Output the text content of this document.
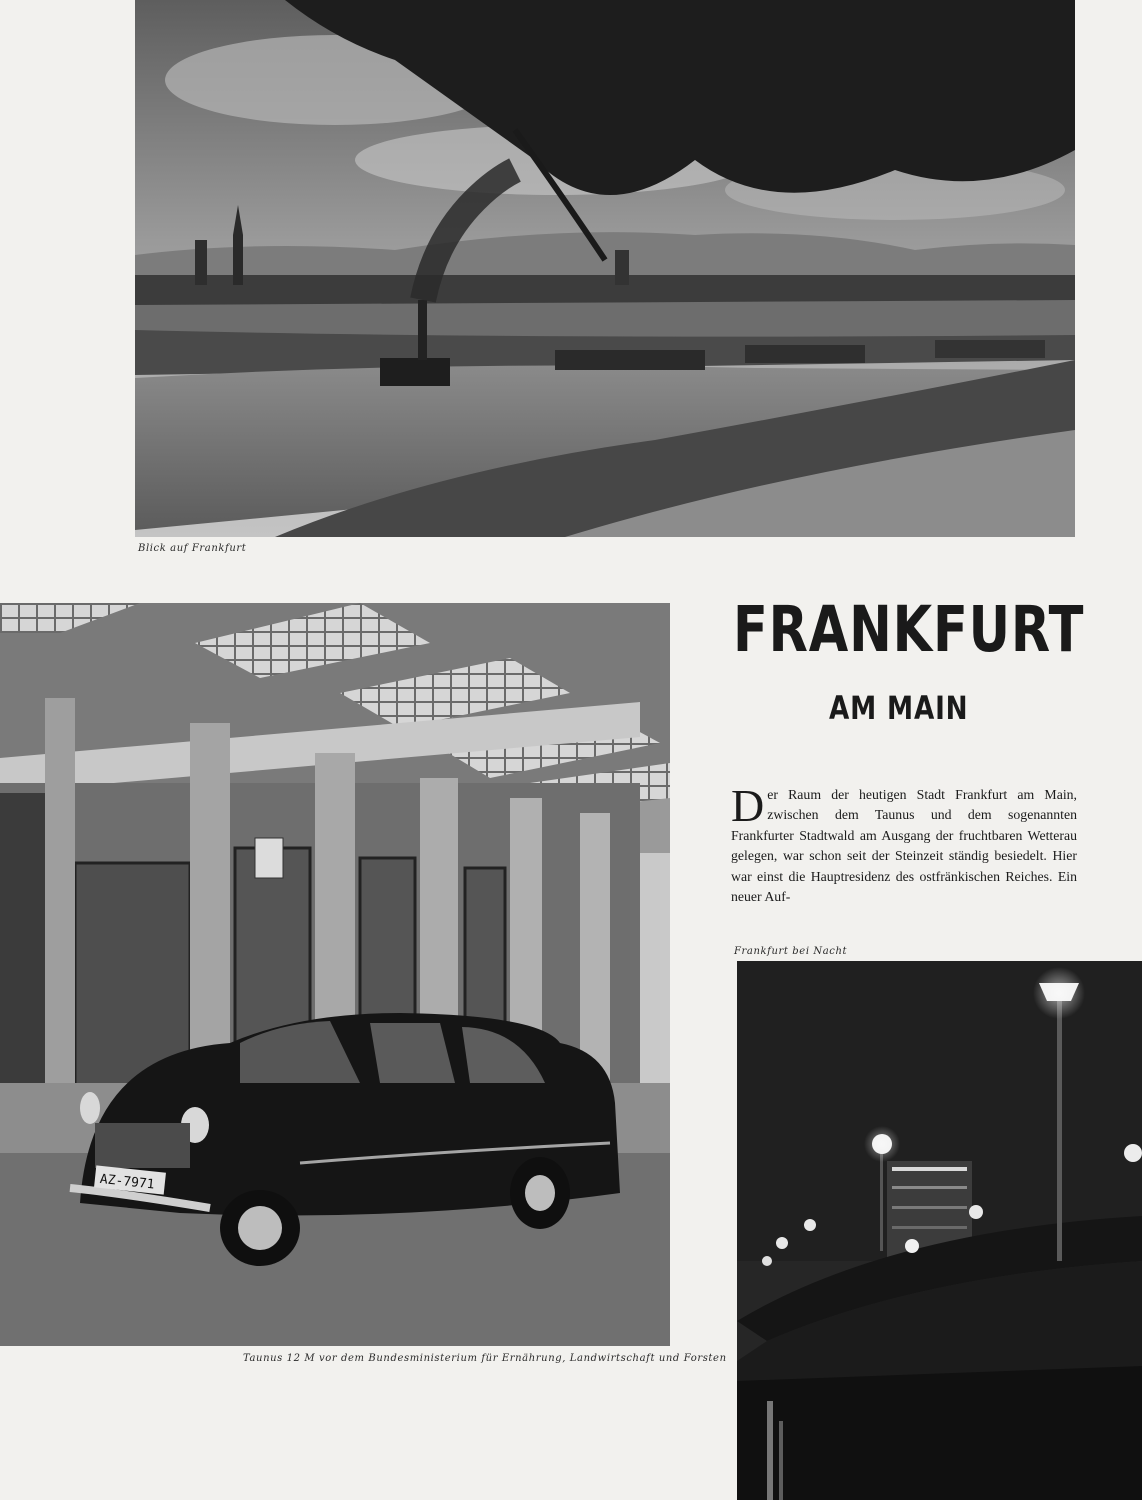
Blick auf Frankfurt
AZ-7971
Taunus 12 M vor dem Bundesministerium für Ernährung, Landwirtschaft und Forsten
FRANKFURT
AM MAIN
Der Raum der heutigen Stadt Frankfurt am Main, zwischen dem Taunus und dem sogenannten Frankfurter Stadtwald am Ausgang der fruchtbaren Wetterau gelegen, war schon seit der Steinzeit ständig besiedelt. Hier war einst die Hauptresidenz des ostfränkischen Reiches. Ein neuer Auf-
Frankfurt bei Nacht
